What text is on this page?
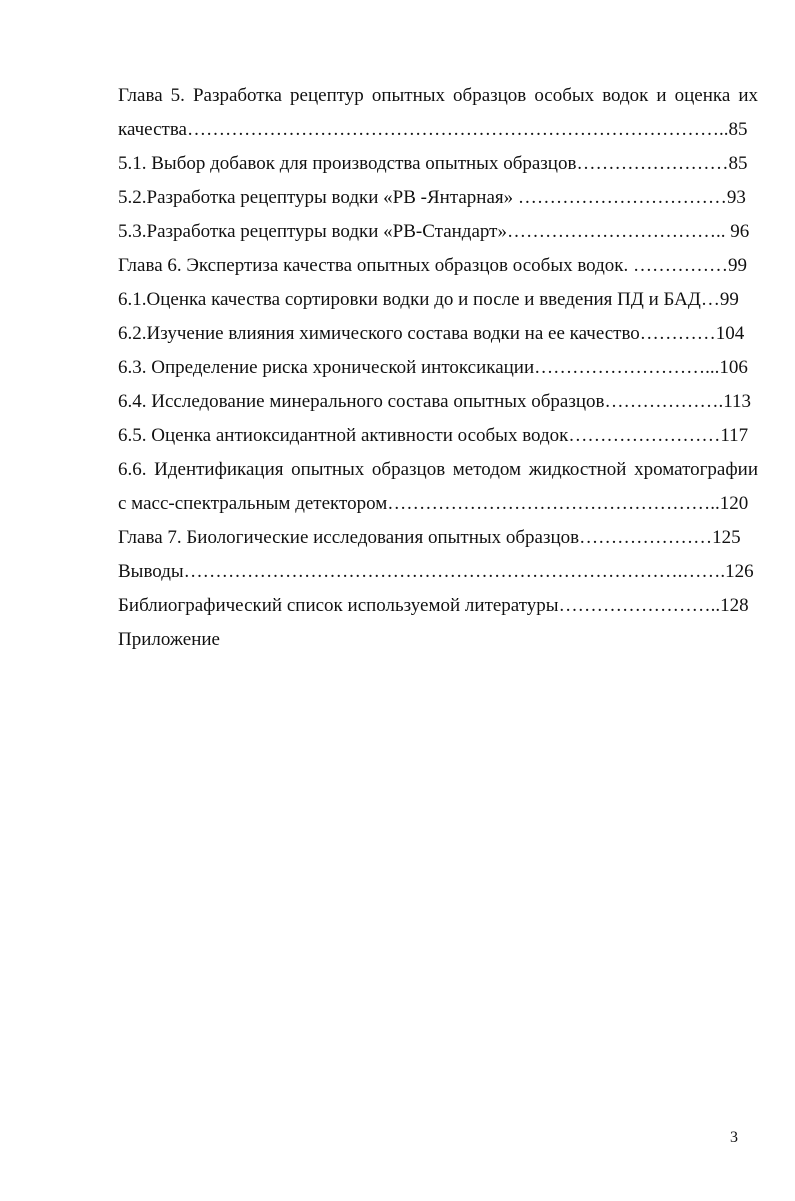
Глава 5. Разработка рецептур опытных образцов особых водок и оценка их
качества…………………………………………………………………………..85
5.1. Выбор добавок для производства опытных образцов……………………85
5.2.Разработка рецептуры водки «РВ -Янтарная» ……………………………93
5.3.Разработка рецептуры водки «РВ-Стандарт»…………………………….. 96
Глава 6. Экспертиза качества опытных образцов особых водок. ……………99
6.1.Оценка качества сортировки водки до и после и введения ПД и БАД…99
6.2.Изучение влияния химического состава водки на ее качество…………104
6.3. Определение риска хронической интоксикации………………………...106
6.4. Исследование минерального состава опытных образцов……………….113
6.5. Оценка антиоксидантной активности особых водок……………………117
6.6. Идентификация опытных образцов методом жидкостной хроматографии
с масс-спектральным детектором……………………………………………..120
Глава 7. Биологические исследования опытных образцов…………………125
Выводы…………………………………………………………………….…….126
Библиографический список используемой литературы……………………..128
Приложение
3
